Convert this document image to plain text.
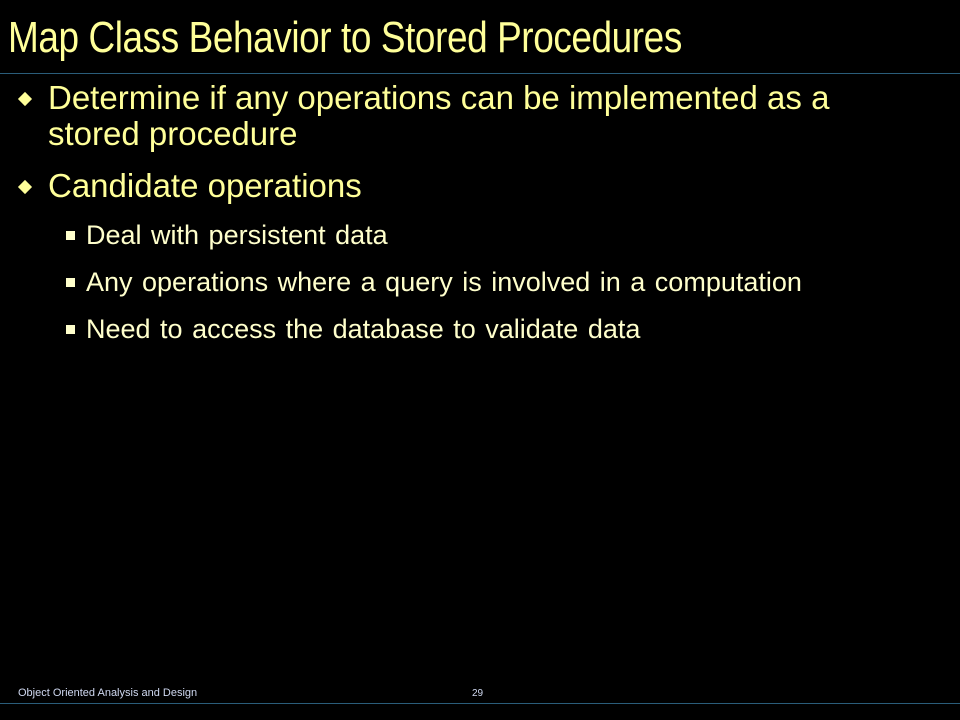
Map Class Behavior to Stored Procedures
Determine if any operations can be implemented as a stored procedure
Candidate operations
Deal with persistent data
Any operations where a query is involved in a computation
Need to access the database to validate data
Object Oriented Analysis and Design	29
